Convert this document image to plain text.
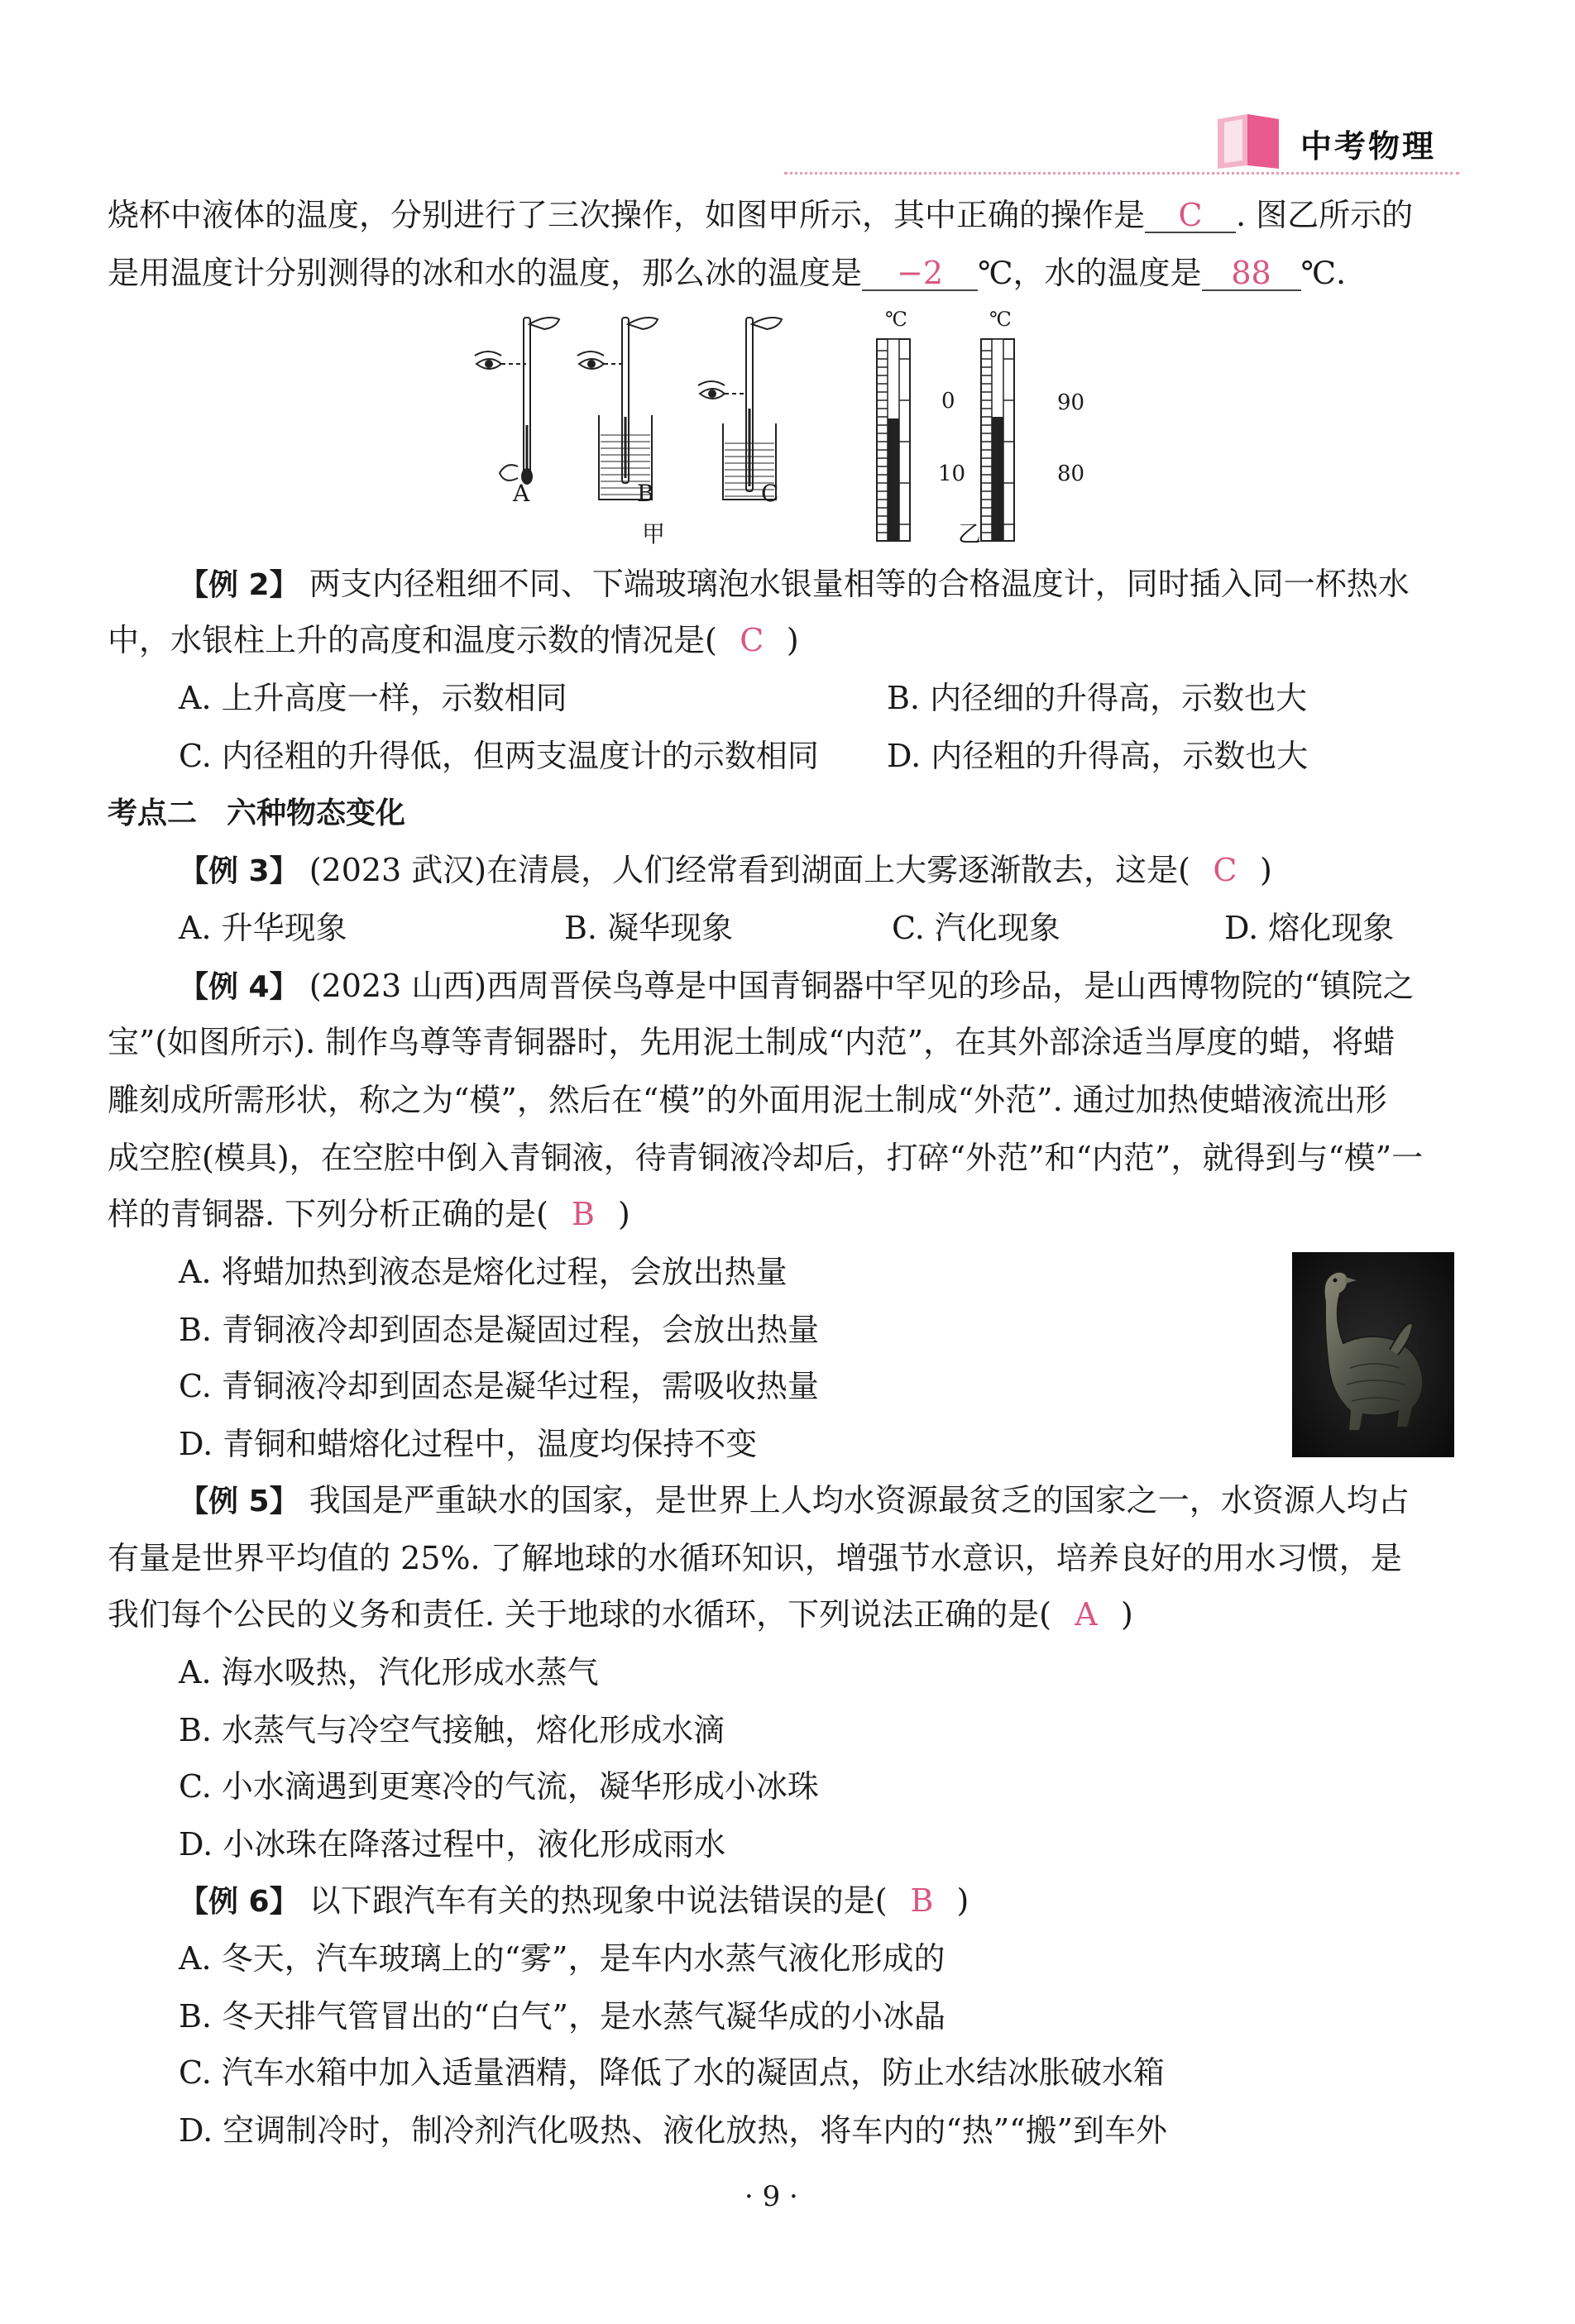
中考物理
烧杯中液体的温度，分别进行了三次操作，如图甲所示，其中正确的操作是 C . 图乙所示的
是用温度计分别测得的冰和水的温度，那么冰的温度是 −2 ℃，水的温度是 88 ℃.
A	B	C
甲	乙
℃
0
10
℃
90
80
【例 2】 两支内径粗细不同、下端玻璃泡水银量相等的合格温度计，同时插入同一杯热水
中，水银柱上升的高度和温度示数的情况是( C )
A. 上升高度一样，示数相同	B. 内径细的升得高，示数也大
C. 内径粗的升得低，但两支温度计的示数相同 D. 内径粗的升得高，示数也大
考点二　六种物态变化
【例 3】 (2023 武汉)在清晨，人们经常看到湖面上大雾逐渐散去，这是( C )
A. 升华现象	B. 凝华现象	C. 汽化现象	D. 熔化现象
【例 4】 (2023 山西)西周晋侯鸟尊是中国青铜器中罕见的珍品，是山西博物院的“镇院之
宝”(如图所示). 制作鸟尊等青铜器时，先用泥土制成“内范”，在其外部涂适当厚度的蜡，将蜡
雕刻成所需形状，称之为“模”，然后在“模”的外面用泥土制成“外范”. 通过加热使蜡液流出形
成空腔(模具)，在空腔中倒入青铜液，待青铜液冷却后，打碎“外范”和“内范”，就得到与“模”一
样的青铜器. 下列分析正确的是( B )
A. 将蜡加热到液态是熔化过程，会放出热量
B. 青铜液冷却到固态是凝固过程，会放出热量
C. 青铜液冷却到固态是凝华过程，需吸收热量
D. 青铜和蜡熔化过程中，温度均保持不变
【例 5】 我国是严重缺水的国家，是世界上人均水资源最贫乏的国家之一，水资源人均占
有量是世界平均值的 25%. 了解地球的水循环知识，增强节水意识，培养良好的用水习惯，是
我们每个公民的义务和责任. 关于地球的水循环，下列说法正确的是( A )
A. 海水吸热，汽化形成水蒸气
B. 水蒸气与冷空气接触，熔化形成水滴
C. 小水滴遇到更寒冷的气流，凝华形成小冰珠
D. 小冰珠在降落过程中，液化形成雨水
【例 6】 以下跟汽车有关的热现象中说法错误的是( B )
A. 冬天，汽车玻璃上的“雾”，是车内水蒸气液化形成的
B. 冬天排气管冒出的“白气”，是水蒸气凝华成的小冰晶
C. 汽车水箱中加入适量酒精，降低了水的凝固点，防止水结冰胀破水箱
D. 空调制冷时，制冷剂汽化吸热、液化放热，将车内的“热”“搬”到车外
· 9 ·
